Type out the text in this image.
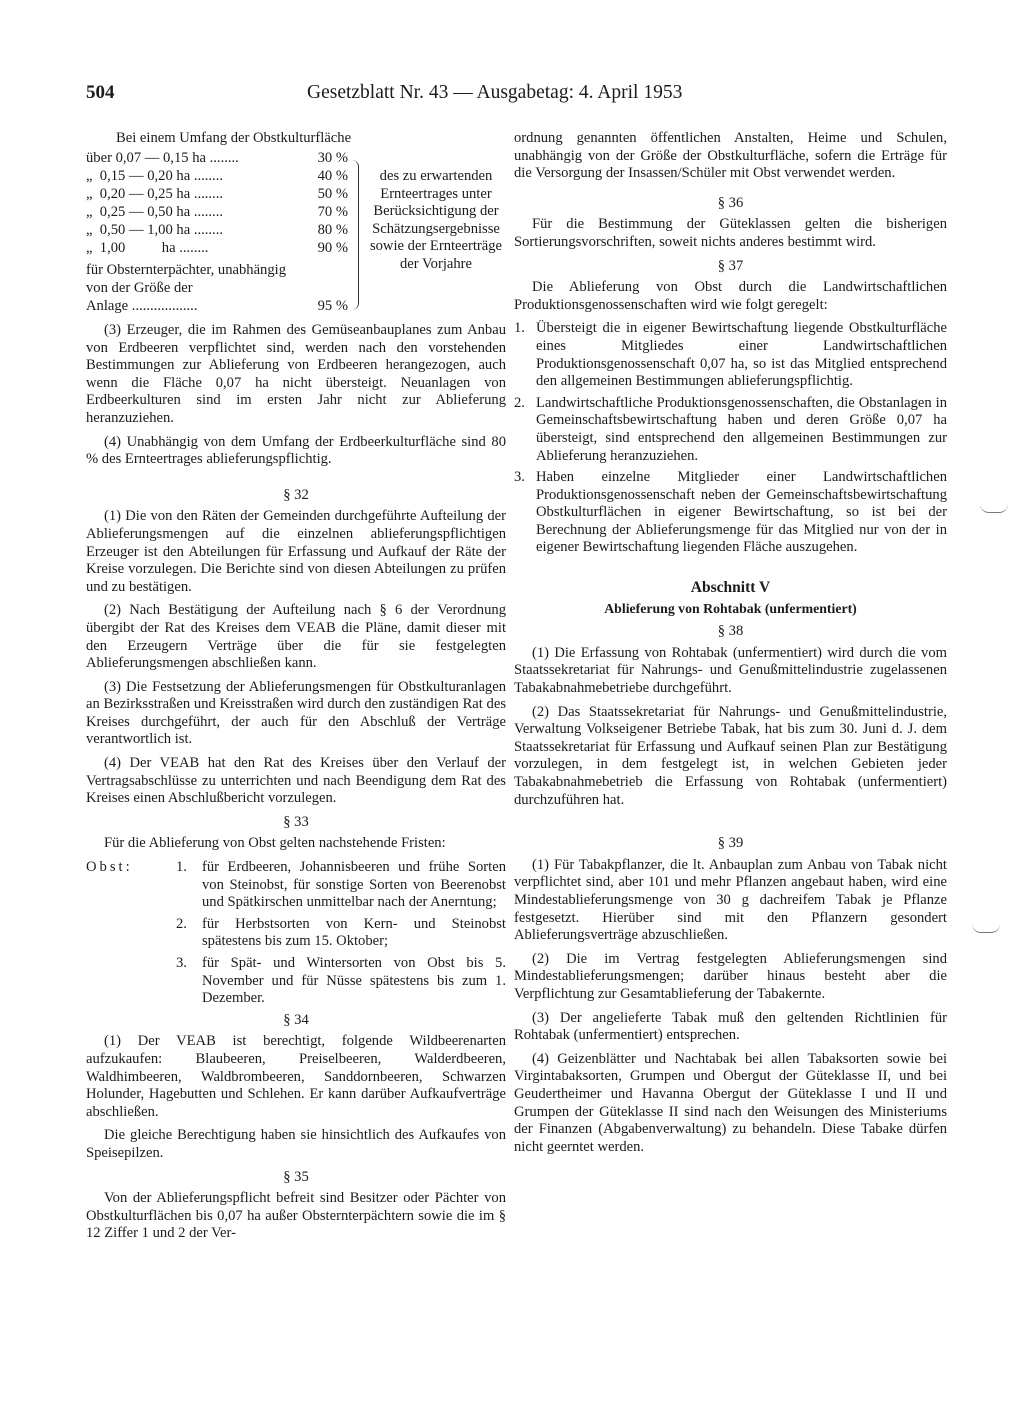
504	Gesetzblatt Nr. 43 — Ausgabetag: 4. April 1953
Bei einem Umfang der Obstkulturfläche
über 0,07 — 0,15 ha ........	30 %
„  0,15 — 0,20 ha ........	40 %
„  0,20 — 0,25 ha ........	50 %
„  0,25 — 0,50 ha ........	70 %
„  0,50 — 1,00 ha ........	80 %
„  1,00          ha ........	90 %
für Obsternterpächter, unabhängig von der Größe der
Anlage ..................	95 %
des zu erwartenden Ernteertrages unter Berücksichtigung der Schätzungsergebnisse sowie der Ernteerträge der Vorjahre

(3) Erzeuger, die im Rahmen des Gemüseanbauplanes zum Anbau von Erdbeeren verpflichtet sind, werden nach den vorstehenden Bestimmungen zur Ablieferung von Erdbeeren herangezogen, auch wenn die Fläche 0,07 ha nicht übersteigt. Neuanlagen von Erdbeerkulturen sind im ersten Jahr nicht zur Ablieferung heranzuziehen.

(4) Unabhängig von dem Umfang der Erdbeerkulturfläche sind 80 % des Ernteertrages ablieferungspflichtig.

§ 32

(1) Die von den Räten der Gemeinden durchgeführte Aufteilung der Ablieferungsmengen auf die einzelnen ablieferungspflichtigen Erzeuger ist den Abteilungen für Erfassung und Aufkauf der Räte der Kreise vorzulegen. Die Berichte sind von diesen Abteilungen zu prüfen und zu bestätigen.

(2) Nach Bestätigung der Aufteilung nach § 6 der Verordnung übergibt der Rat des Kreises dem VEAB die Pläne, damit dieser mit den Erzeugern Verträge über die für sie festgelegten Ablieferungsmengen abschließen kann.

(3) Die Festsetzung der Ablieferungsmengen für Obstkulturanlagen an Bezirksstraßen und Kreisstraßen wird durch den zuständigen Rat des Kreises durchgeführt, der auch für den Abschluß der Verträge verantwortlich ist.

(4) Der VEAB hat den Rat des Kreises über den Verlauf der Vertragsabschlüsse zu unterrichten und nach Beendigung dem Rat des Kreises einen Abschlußbericht vorzulegen.

§ 33

Für die Ablieferung von Obst gelten nachstehende Fristen:

Obst:	1. für Erdbeeren, Johannisbeeren und frühe Sorten von Steinobst, für sonstige Sorten von Beerenobst und Spätkirschen unmittelbar nach der Anerntung;
2. für Herbstsorten von Kern- und Steinobst spätestens bis zum 15. Oktober;
3. für Spät- und Wintersorten von Obst bis 5. November und für Nüsse spätestens bis zum 1. Dezember.
§ 34

(1) Der VEAB ist berechtigt, folgende Wildbeerenarten aufzukaufen: Blaubeeren, Preiselbeeren, Walderdbeeren, Waldhimbeeren, Waldbrombeeren, Sanddornbeeren, Schwarzen Holunder, Hagebutten und Schlehen. Er kann darüber Aufkaufverträge abschließen.

Die gleiche Berechtigung haben sie hinsichtlich des Aufkaufes von Speisepilzen.

§ 35

Von der Ablieferungspflicht befreit sind Besitzer oder Pächter von Obstkulturflächen bis 0,07 ha außer Obsternterpächtern sowie die im § 12 Ziffer 1 und 2 der Ver-

ordnung genannten öffentlichen Anstalten, Heime und Schulen, unabhängig von der Größe der Obstkulturfläche, sofern die Erträge für die Versorgung der Insassen/Schüler mit Obst verwendet werden.

§ 36

Für die Bestimmung der Güteklassen gelten die bisherigen Sortierungsvorschriften, soweit nichts anderes bestimmt wird.

§ 37

Die Ablieferung von Obst durch die Landwirtschaftlichen Produktionsgenossenschaften wird wie folgt geregelt:

1. Übersteigt die in eigener Bewirtschaftung liegende Obstkulturfläche eines Mitgliedes einer Landwirtschaftlichen Produktionsgenossenschaft 0,07 ha, so ist das Mitglied entsprechend den allgemeinen Bestimmungen ablieferungspflichtig.
2. Landwirtschaftliche Produktionsgenossenschaften, die Obstanlagen in Gemeinschaftsbewirtschaftung haben und deren Größe 0,07 ha übersteigt, sind entsprechend den allgemeinen Bestimmungen zur Ablieferung heranzuziehen.
3. Haben einzelne Mitglieder einer Landwirtschaftlichen Produktionsgenossenschaft neben der Gemeinschaftsbewirtschaftung Obstkulturflächen in eigener Bewirtschaftung, so ist bei der Berechnung der Ablieferungsmenge für das Mitglied nur von der in eigener Bewirtschaftung liegenden Fläche auszugehen.
Abschnitt V
Ablieferung von Rohtabak (unfermentiert)
§ 38

(1) Die Erfassung von Rohtabak (unfermentiert) wird durch die vom Staatssekretariat für Nahrungs- und Genußmittelindustrie zugelassenen Tabakabnahmebetriebe durchgeführt.

(2) Das Staatssekretariat für Nahrungs- und Genußmittelindustrie, Verwaltung Volkseigener Betriebe Tabak, hat bis zum 30. Juni d. J. dem Staatssekretariat für Erfassung und Aufkauf seinen Plan zur Bestätigung vorzulegen, in dem festgelegt ist, in welchen Gebieten jeder Tabakabnahmebetrieb die Erfassung von Rohtabak (unfermentiert) durchzuführen hat.

§ 39

(1) Für Tabakpflanzer, die lt. Anbauplan zum Anbau von Tabak nicht verpflichtet sind, aber 101 und mehr Pflanzen angebaut haben, wird eine Mindestablieferungsmenge von 30 g dachreifem Tabak je Pflanze festgesetzt. Hierüber sind mit den Pflanzern gesondert Ablieferungsverträge abzuschließen.

(2) Die im Vertrag festgelegten Ablieferungsmengen sind Mindestablieferungsmengen; darüber hinaus besteht aber die Verpflichtung zur Gesamtablieferung der Tabakernte.

(3) Der angelieferte Tabak muß den geltenden Richtlinien für Rohtabak (unfermentiert) entsprechen.

(4) Geizenblätter und Nachtabak bei allen Tabaksorten sowie bei Virgintabaksorten, Grumpen und Obergut der Güteklasse II, und bei Geudertheimer und Havanna Obergut der Güteklasse I und II und Grumpen der Güteklasse II sind nach den Weisungen des Ministeriums der Finanzen (Abgabenverwaltung) zu behandeln. Diese Tabake dürfen nicht geerntet werden.
